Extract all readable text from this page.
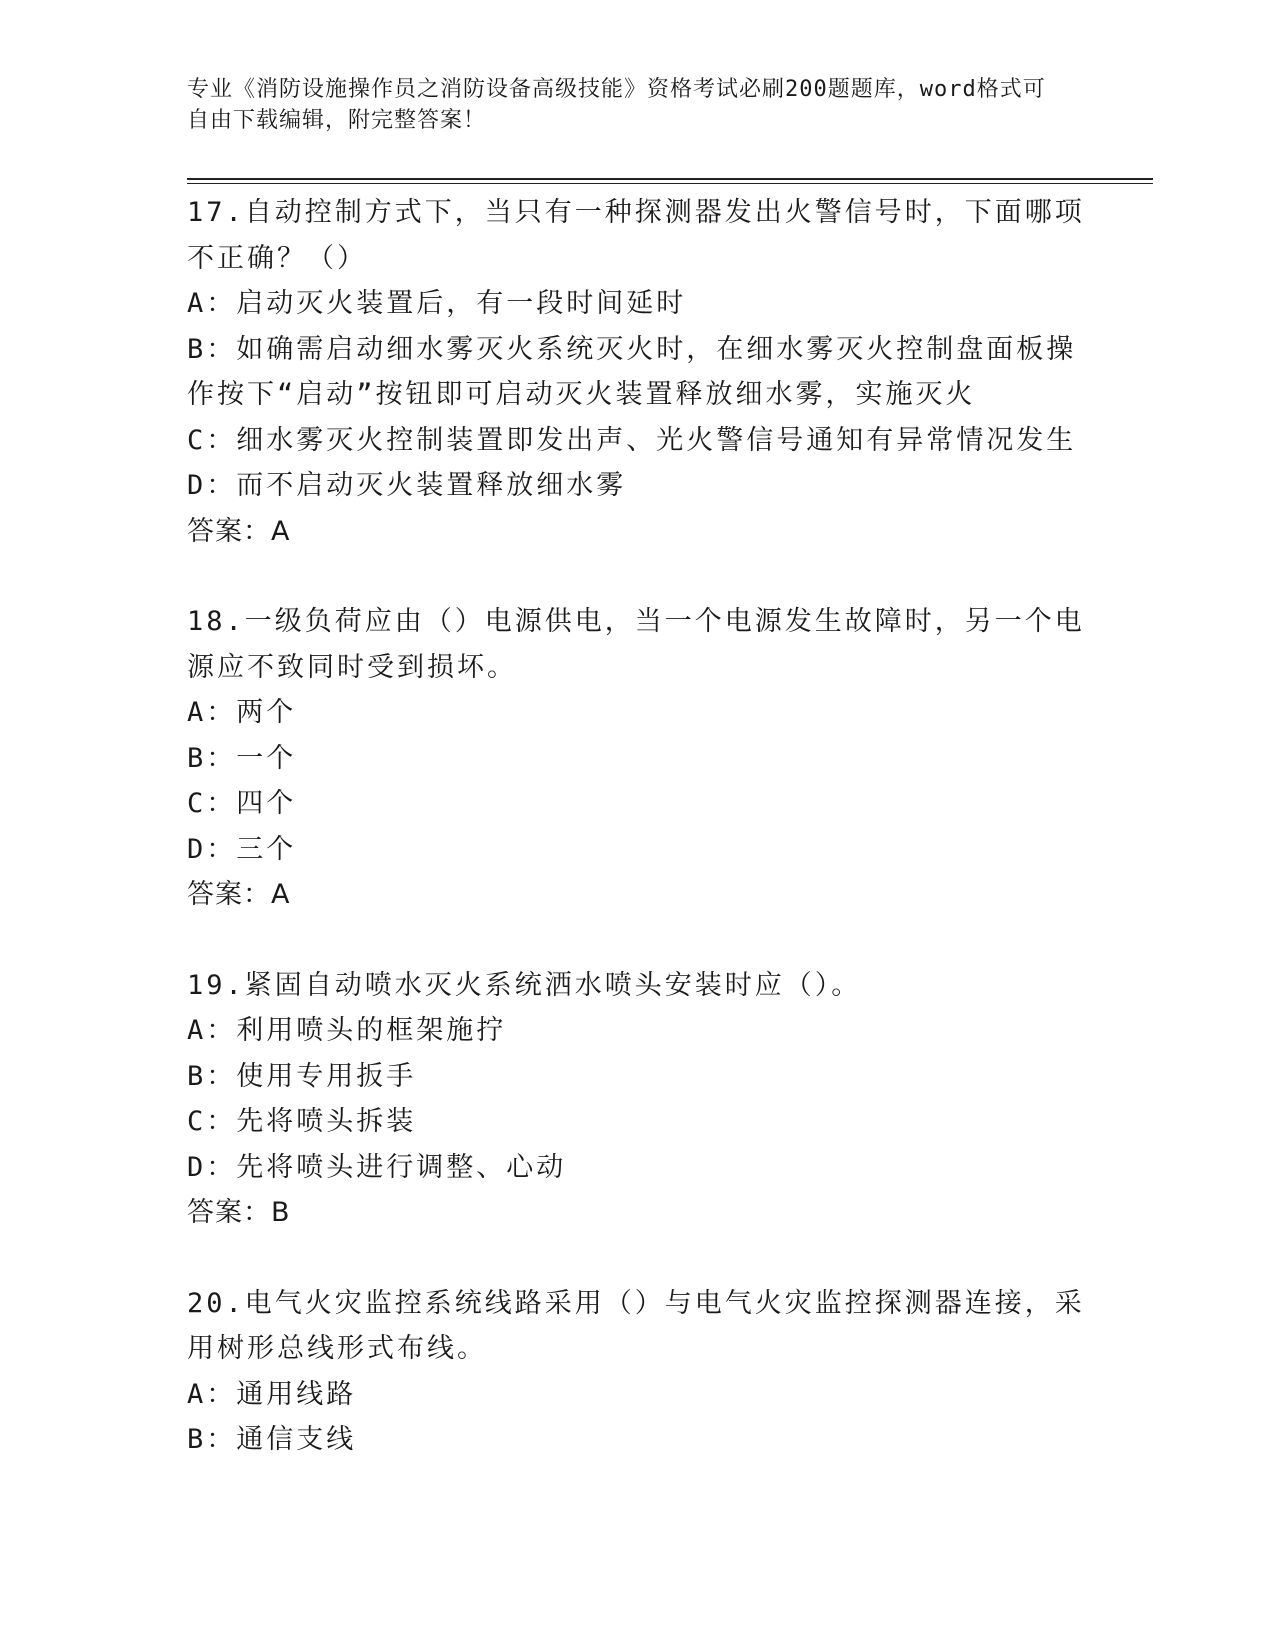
专业《消防设施操作员之消防设备高级技能》资格考试必刷200题题库，word格式可自由下载编辑，附完整答案！

17.自动控制方式下，当只有一种探测器发出火警信号时，下面哪项不正确？（）

A：启动灭火装置后，有一段时间延时

B：如确需启动细水雾灭火系统灭火时，在细水雾灭火控制盘面板操作按下“启动”按钮即可启动灭火装置释放细水雾，实施灭火

C：细水雾灭火控制装置即发出声、光火警信号通知有异常情况发生

D：而不启动灭火装置释放细水雾

答案：A

18.一级负荷应由（）电源供电，当一个电源发生故障时，另一个电源应不致同时受到损坏。

A：两个

B：一个

C：四个

D：三个

答案：A

19.紧固自动喷水灭火系统洒水喷头安装时应（）。

A：利用喷头的框架施拧

B：使用专用扳手

C：先将喷头拆装

D：先将喷头进行调整、心动

答案：B

20.电气火灾监控系统线路采用（）与电气火灾监控探测器连接，采用树形总线形式布线。

A：通用线路

B：通信支线
